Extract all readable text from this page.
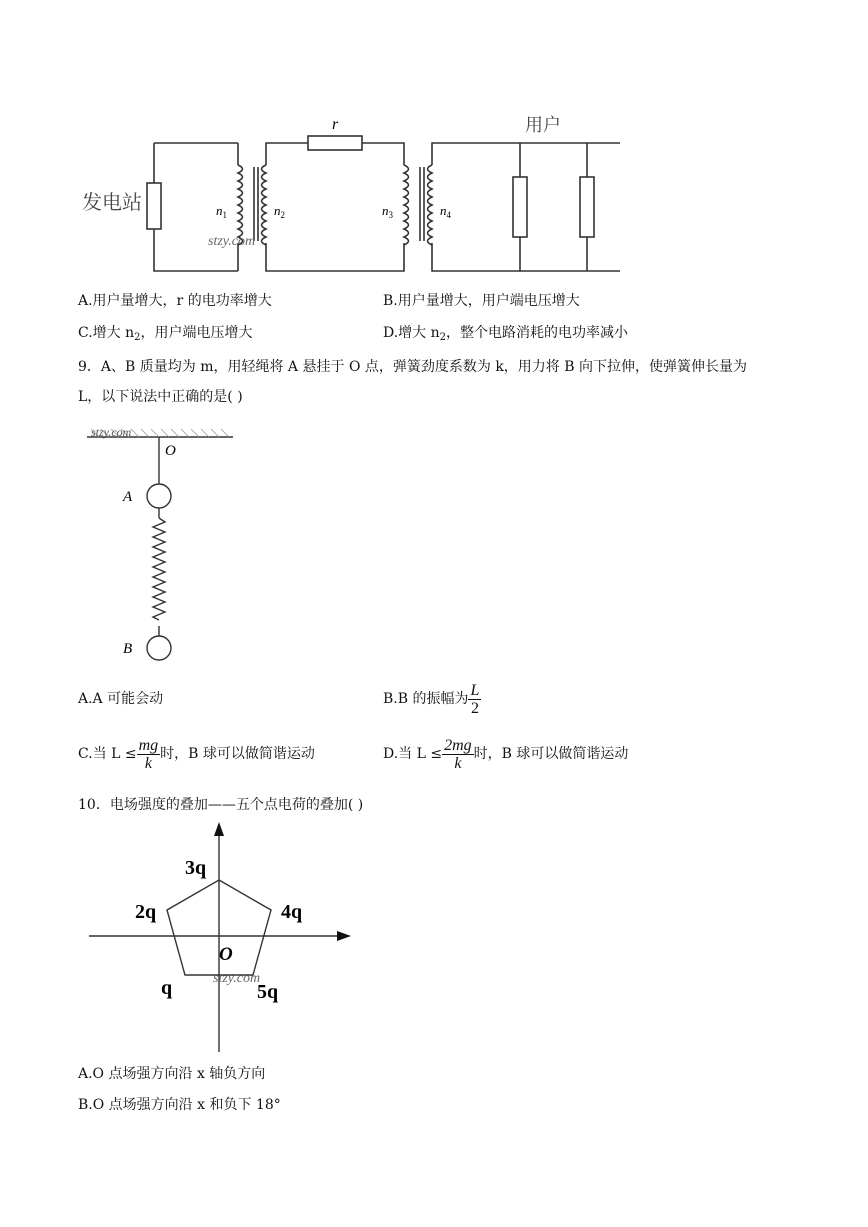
发电站
用户
r
$n_1$	$n_2$	$n_3$	$n_4$
stzy.com
A.用户量增大，r 的电功率增大	B.用户量增大，用户端电压增大
C.增大 $n_2$，用户端电压增大	D.增大 $n_2$，整个电路消耗的电功率减小
9．A、B 质量均为 m，用轻绳将 A 悬挂于 O 点，弹簧劲度系数为 k，用力将 B 向下拉伸，使弹簧伸长量为
L，以下说法中正确的是( )
stzy.com
O
A
B
A.A 可能会动	B.B 的振幅为 $\frac{L}{2}$
C.当 $L \le \frac{mg}{k}$ 时，B 球可以做简谐运动	D.当 $L \le \frac{2mg}{k}$ 时，B 球可以做简谐运动
10．电场强度的叠加——五个点电荷的叠加( )
3q
2q	4q
q	5q
O
stzy.com
A.O 点场强方向沿 x 轴负方向
B.O 点场强方向沿 x 和负下 18°
